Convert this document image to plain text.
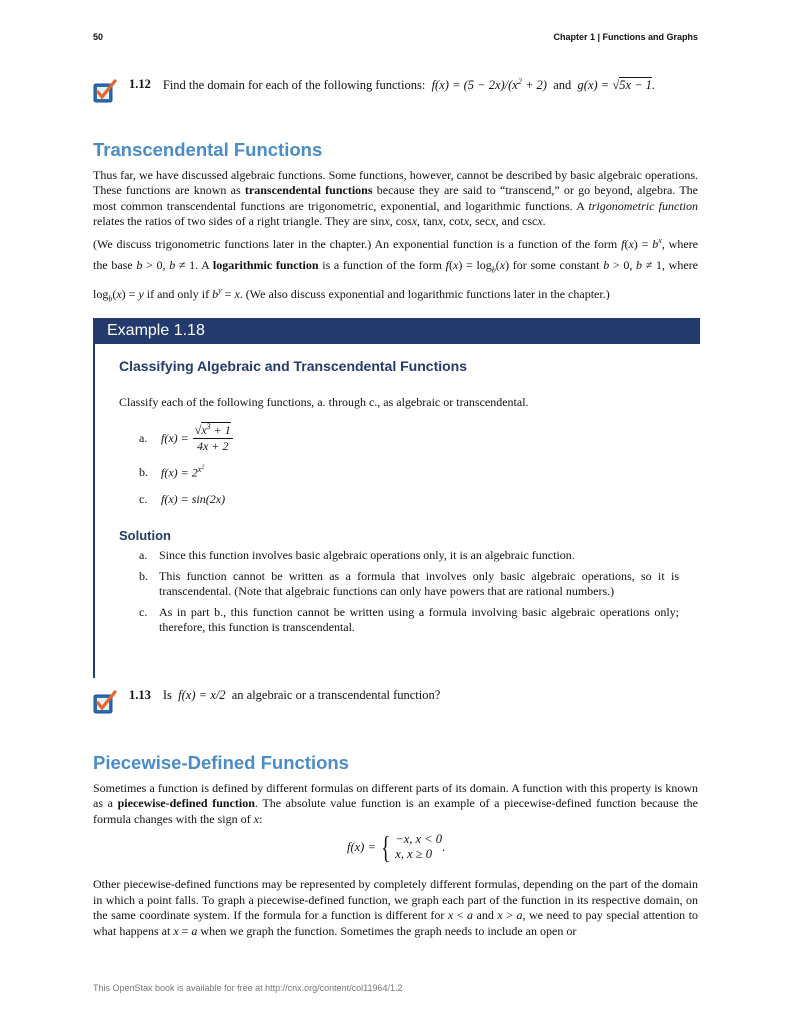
50	Chapter 1 | Functions and Graphs
1.12 Find the domain for each of the following functions: $f(x) = (5 - 2x)/(x^2 + 2)$ and g(x) = √5x − 1.
Transcendental Functions
Thus far, we have discussed algebraic functions. Some functions, however, cannot be described by basic algebraic operations. These functions are known as transcendental functions because they are said to “transcend,” or go beyond, algebra. The most common transcendental functions are trigonometric, exponential, and logarithmic functions. A trigonometric function relates the ratios of two sides of a right triangle. They are sinx, cosx, tanx, cotx, secx, and cscx.
(We discuss trigonometric functions later in the chapter.) An exponential function is a function of the form $f(x) = b^x$, where the base b > 0, b ≠ 1. A logarithmic function is a function of the form $f(x) = \log_b(x)$ for some constant b > 0, b ≠ 1, where $\log_b(x) = y$ if and only if $b^y = x$. (We also discuss exponential and logarithmic functions later in the chapter.)
Example 1.18
Classifying Algebraic and Transcendental Functions
Classify each of the following functions, a. through c., as algebraic or transcendental.
a.	$f(x) = \frac{√x^3 + 1}{4x + 2}$
b.	$f(x) = 2^{x^2}$
c.	f(x) = sin(2x)
Solution
a. Since this function involves basic algebraic operations only, it is an algebraic function.
b. This function cannot be written as a formula that involves only basic algebraic operations, so it is transcendental. (Note that algebraic functions can only have powers that are rational numbers.)
c. As in part b., this function cannot be written using a formula involving basic algebraic operations only; therefore, this function is transcendental.
1.13 Is f(x) = x/2 an algebraic or a transcendental function?
Piecewise-Defined Functions
Sometimes a function is defined by different formulas on different parts of its domain. A function with this property is known as a piecewise-defined function. The absolute value function is an example of a piecewise-defined function because the formula changes with the sign of x:
f(x) = { −x, x < 0
x, x ≥ 0
.
Other piecewise-defined functions may be represented by completely different formulas, depending on the part of the domain in which a point falls. To graph a piecewise-defined function, we graph each part of the function in its respective domain, on the same coordinate system. If the formula for a function is different for x < a and x > a, we need to pay special attention to what happens at x = a when we graph the function. Sometimes the graph needs to include an open or
This OpenStax book is available for free at http://cnx.org/content/col11964/1.2
